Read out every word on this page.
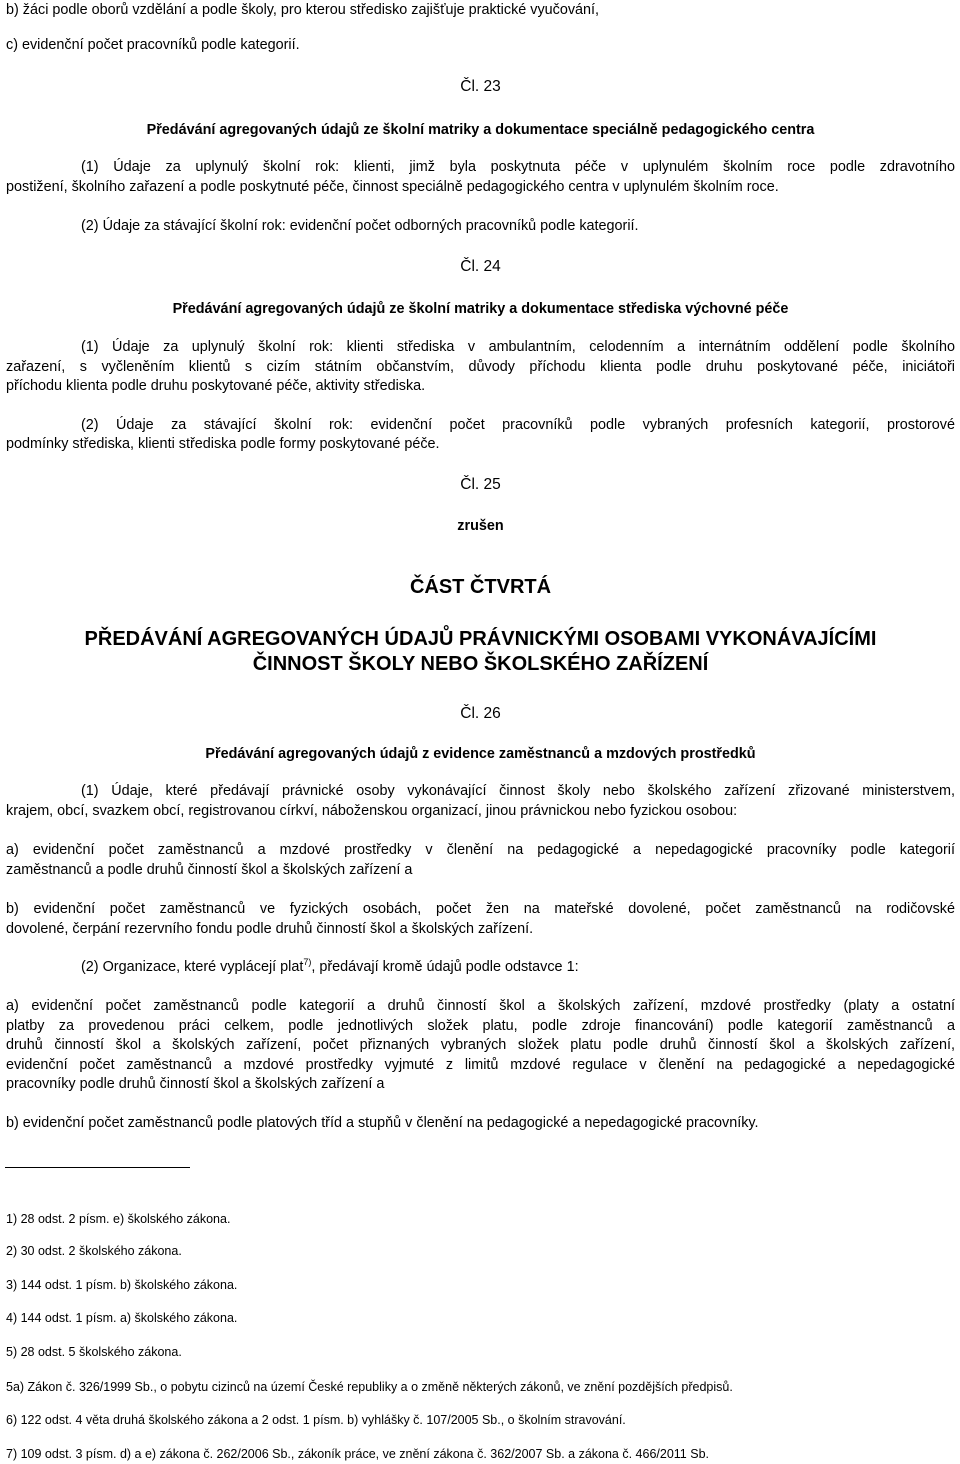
b) žáci podle oborů vzdělání a podle školy, pro kterou středisko zajišťuje praktické vyučování,
c) evidenční počet pracovníků podle kategorií.
Čl. 23
Předávání agregovaných údajů ze školní matriky a dokumentace speciálně pedagogického centra
(1) Údaje za uplynulý školní rok: klienti, jimž byla poskytnuta péče v uplynulém školním roce podle zdravotního
postižení, školního zařazení a podle poskytnuté péče, činnost speciálně pedagogického centra v uplynulém školním roce.
(2) Údaje za stávající školní rok: evidenční počet odborných pracovníků podle kategorií.
Čl. 24
Předávání agregovaných údajů ze školní matriky a dokumentace střediska výchovné péče
(1) Údaje za uplynulý školní rok: klienti střediska v ambulantním, celodenním a internátním oddělení podle školního
zařazení, s vyčleněním klientů s cizím státním občanstvím, důvody příchodu klienta podle druhu poskytované péče, iniciátoři
příchodu klienta podle druhu poskytované péče, aktivity střediska.
(2) Údaje za stávající školní rok: evidenční počet pracovníků podle vybraných profesních kategorií, prostorové
podmínky střediska, klienti střediska podle formy poskytované péče.
Čl. 25
zrušen
ČÁST ČTVRTÁ
PŘEDÁVÁNÍ AGREGOVANÝCH ÚDAJŮ PRÁVNICKÝMI OSOBAMI VYKONÁVAJÍCÍMI
ČINNOST ŠKOLY NEBO ŠKOLSKÉHO ZAŘÍZENÍ
Čl. 26
Předávání agregovaných údajů z evidence zaměstnanců a mzdových prostředků
(1) Údaje, které předávají právnické osoby vykonávající činnost školy nebo školského zařízení zřizované ministerstvem,
krajem, obcí, svazkem obcí, registrovanou církví, náboženskou organizací, jinou právnickou nebo fyzickou osobou:
a) evidenční počet zaměstnanců a mzdové prostředky v členění na pedagogické a nepedagogické pracovníky podle kategorií
zaměstnanců a podle druhů činností škol a školských zařízení a
b) evidenční počet zaměstnanců ve fyzických osobách, počet žen na mateřské dovolené, počet zaměstnanců na rodičovské
dovolené, čerpání rezervního fondu podle druhů činností škol a školských zařízení.
(2) Organizace, které vyplácejí plat$^{7)}$, předávají kromě údajů podle odstavce 1:
a) evidenční počet zaměstnanců podle kategorií a druhů činností škol a školských zařízení, mzdové prostředky (platy a ostatní
platby za provedenou práci celkem, podle jednotlivých složek platu, podle zdroje financování) podle kategorií zaměstnanců a
druhů činností škol a školských zařízení, počet přiznaných vybraných složek platu podle druhů činností škol a školských zařízení,
evidenční počet zaměstnanců a mzdové prostředky vyjmuté z limitů mzdové regulace v členění na pedagogické a nepedagogické
pracovníky podle druhů činností škol a školských zařízení a
b) evidenční počet zaměstnanců podle platových tříd a stupňů v členění na pedagogické a nepedagogické pracovníky.
1) 28 odst. 2 písm. e) školského zákona.
2) 30 odst. 2 školského zákona.
3) 144 odst. 1 písm. b) školského zákona.
4) 144 odst. 1 písm. a) školského zákona.
5) 28 odst. 5 školského zákona.
5a) Zákon č. 326/1999 Sb., o pobytu cizinců na území České republiky a o změně některých zákonů, ve znění pozdějších předpisů.
6) 122 odst. 4 věta druhá školského zákona a 2 odst. 1 písm. b) vyhlášky č. 107/2005 Sb., o školním stravování.
7) 109 odst. 3 písm. d) a e) zákona č. 262/2006 Sb., zákoník práce, ve znění zákona č. 362/2007 Sb. a zákona č. 466/2011 Sb.
